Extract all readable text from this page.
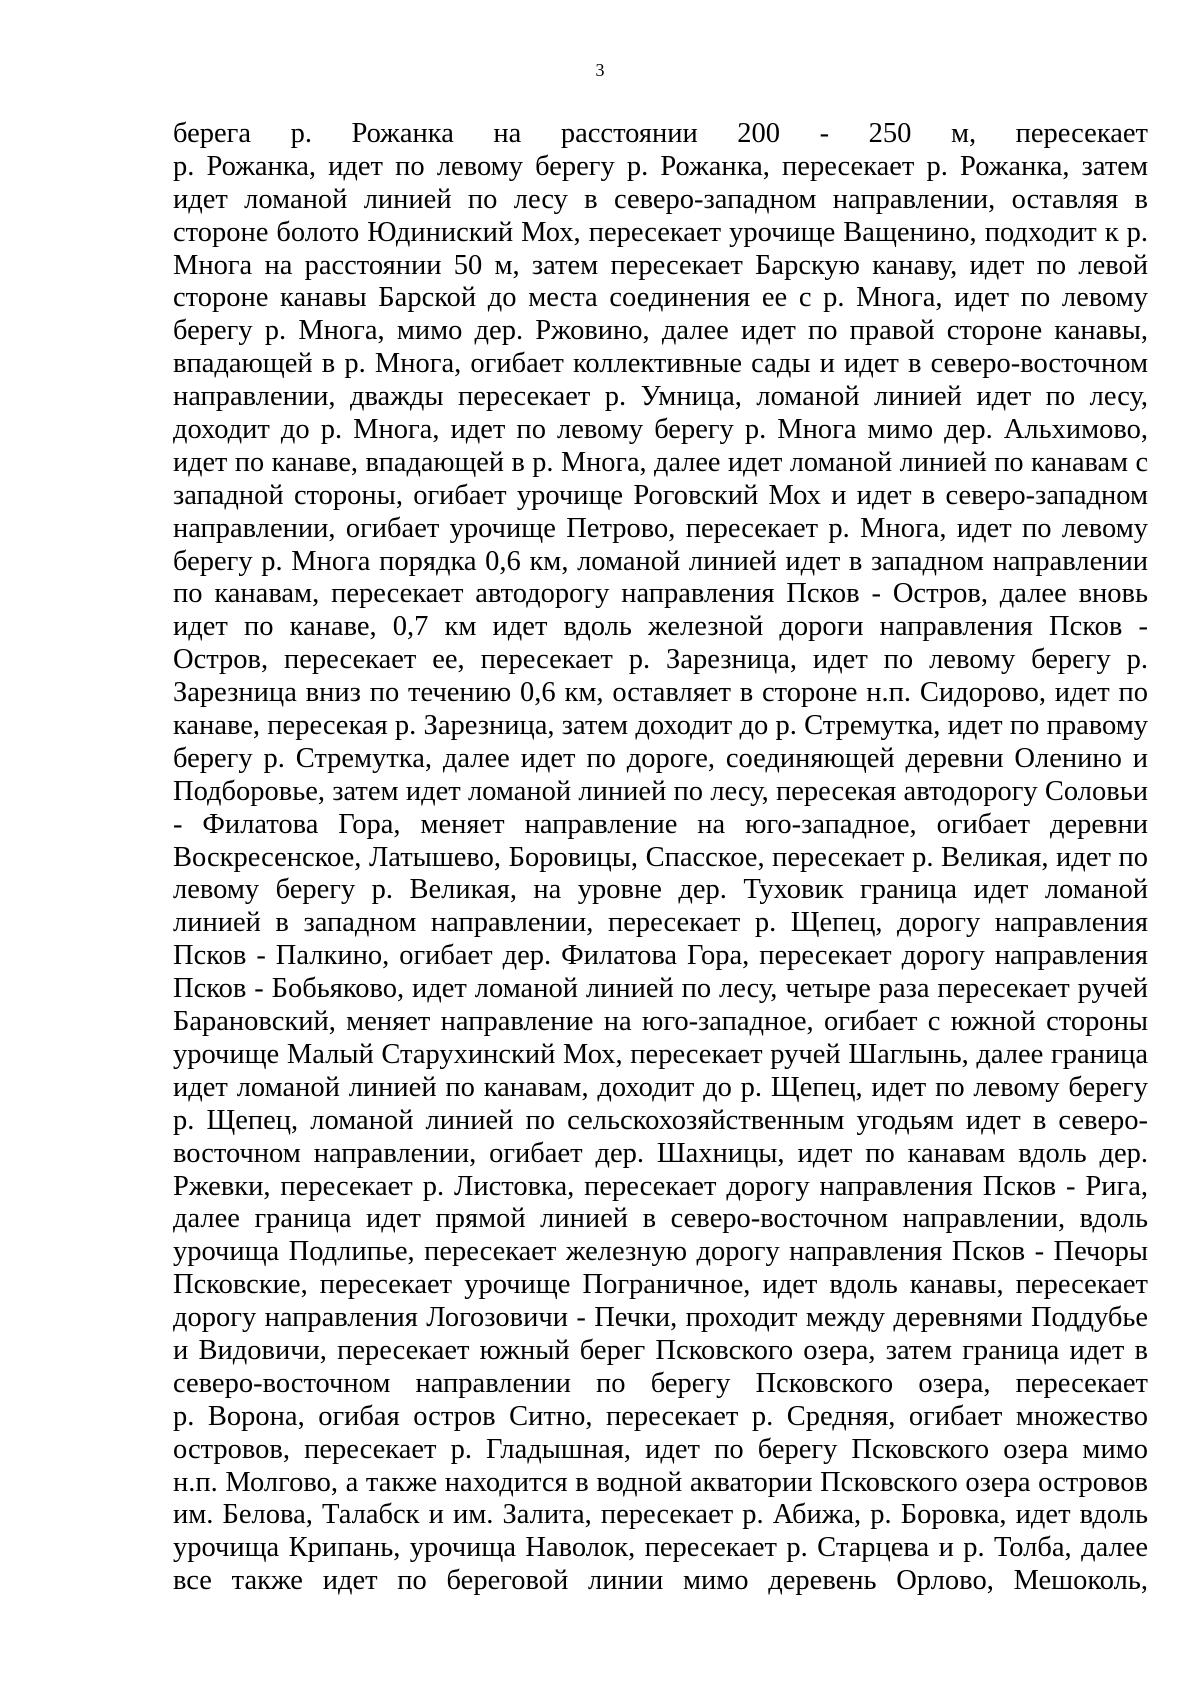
3
берега р. Рожанка на расстоянии 200 - 250 м, пересекает
р. Рожанка, идет по левому берегу р. Рожанка, пересекает р. Рожанка, затем
идет ломаной линией по лесу в северо-западном направлении, оставляя в
стороне болото Юдиниский Мох, пересекает урочище Ващенино, подходит к р.
Многа на расстоянии 50 м, затем пересекает Барскую канаву, идет по левой
стороне канавы Барской до места соединения ее с р. Многа, идет по левому
берегу р. Многа, мимо дер. Ржовино, далее идет по правой стороне канавы,
впадающей в р. Многа, огибает коллективные сады и идет в северо-восточном
направлении, дважды пересекает р. Умница, ломаной линией идет по лесу,
доходит до р. Многа, идет по левому берегу р. Многа мимо дер. Альхимово,
идет по канаве, впадающей в р. Многа, далее идет ломаной линией по канавам с
западной стороны, огибает урочище Роговский Мох и идет в северо-западном
направлении, огибает урочище Петрово, пересекает р. Многа, идет по левому
берегу р. Многа порядка 0,6 км, ломаной линией идет в западном направлении
по канавам, пересекает автодорогу направления Псков - Остров, далее вновь
идет по канаве, 0,7 км идет вдоль железной дороги направления Псков -
Остров, пересекает ее, пересекает р. Зарезница, идет по левому берегу р.
Зарезница вниз по течению 0,6 км, оставляет в стороне н.п. Сидорово, идет по
канаве, пересекая р. Зарезница, затем доходит до р. Стремутка, идет по правому
берегу р. Стремутка, далее идет по дороге, соединяющей деревни Оленино и
Подборовье, затем идет ломаной линией по лесу, пересекая автодорогу Соловьи
- Филатова Гора, меняет направление на юго-западное, огибает деревни
Воскресенское, Латышево, Боровицы, Спасское, пересекает р. Великая, идет по
левому берегу р. Великая, на уровне дер. Туховик граница идет ломаной
линией в западном направлении, пересекает р. Щепец, дорогу направления
Псков - Палкино, огибает дер. Филатова Гора, пересекает дорогу направления
Псков - Бобьяково, идет ломаной линией по лесу, четыре раза пересекает ручей
Барановский, меняет направление на юго-западное, огибает с южной стороны
урочище Малый Старухинский Мох, пересекает ручей Шаглынь, далее граница
идет ломаной линией по канавам, доходит до р. Щепец, идет по левому берегу
р. Щепец, ломаной линией по сельскохозяйственным угодьям идет в северо-
восточном направлении, огибает дер. Шахницы, идет по канавам вдоль дер.
Ржевки, пересекает р. Листовка, пересекает дорогу направления Псков - Рига,
далее граница идет прямой линией в северо-восточном направлении, вдоль
урочища Подлипье, пересекает железную дорогу направления Псков - Печоры
Псковские, пересекает урочище Пограничное, идет вдоль канавы, пересекает
дорогу направления Логозовичи - Печки, проходит между деревнями Поддубье
и Видовичи, пересекает южный берег Псковского озера, затем граница идет в
северо-восточном направлении по берегу Псковского озера, пересекает
р. Ворона, огибая остров Ситно, пересекает р. Средняя, огибает множество
островов, пересекает р. Гладышная, идет по берегу Псковского озера мимо
н.п. Молгово, а также находится в водной акватории Псковского озера островов
им. Белова, Талабск и им. Залита, пересекает р. Абижа, р. Боровка, идет вдоль
урочища Крипань, урочища Наволок, пересекает р. Старцева и р. Толба, далее
все также идет по береговой линии мимо деревень Орлово, Мешоколь,
